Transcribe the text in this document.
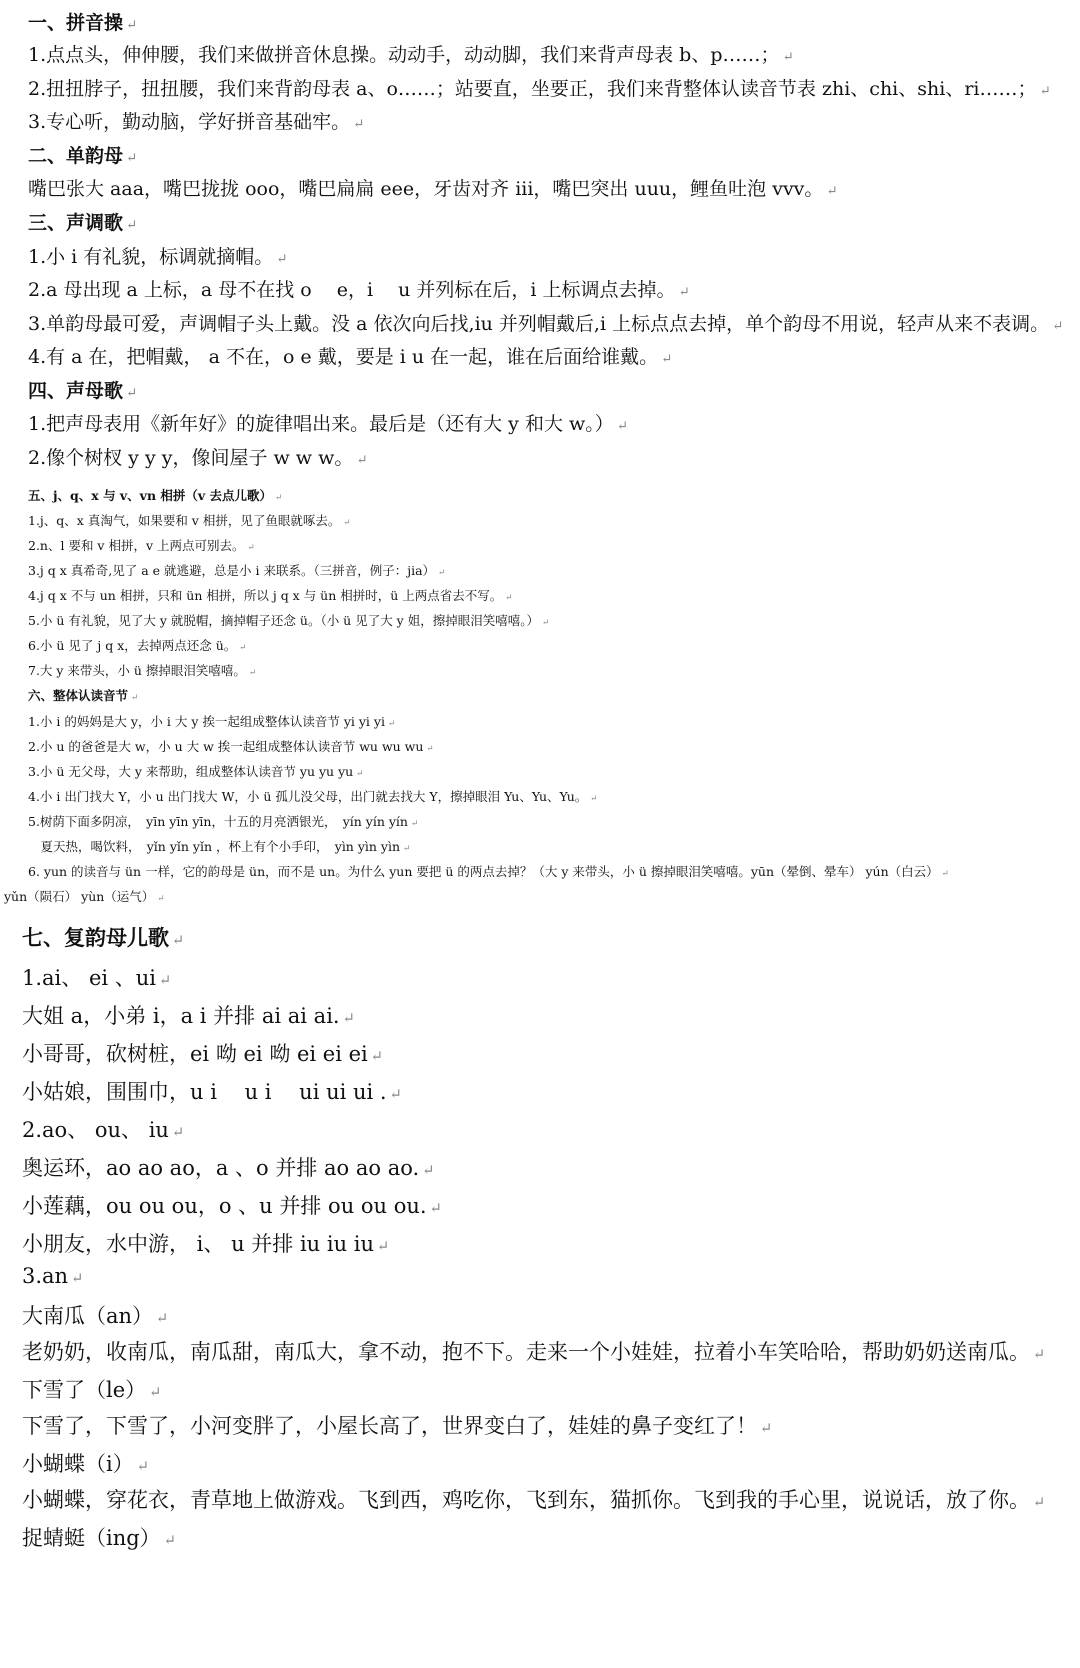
一、拼音操 ↵
1.点点头，伸伸腰，我们来做拼音休息操。动动手，动动脚，我们来背声母表 b、p……； ↵
2.扭扭脖子，扭扭腰，我们来背韵母表 a、o……；站要直，坐要正，我们来背整体认读音节表 zhi、chi、shi、ri……； ↵
3.专心听，勤动脑，学好拼音基础牢。 ↵
二、单韵母 ↵
嘴巴张大 aaa，嘴巴拢拢 ooo，嘴巴扁扁 eee，牙齿对齐 iii，嘴巴突出 uuu，鲤鱼吐泡 vvv。 ↵
三、声调歌 ↵
1.小 i 有礼貌，标调就摘帽。 ↵
2.a 母出现 a 上标，a 母不在找 o　 e，i　 u 并列标在后，i 上标调点去掉。 ↵
3.单韵母最可爱，声调帽子头上戴。没 a 依次向后找,iu 并列帽戴后,i 上标点点去掉，单个韵母不用说，轻声从来不表调。 ↵
4.有 a 在，把帽戴， a 不在，o e 戴，要是 i u 在一起，谁在后面给谁戴。 ↵
四、声母歌 ↵
1.把声母表用《新年好》的旋律唱出来。最后是（还有大 y 和大 w。） ↵
2.像个树杈 y y y，像间屋子 w w w。 ↵
五、j、q、x 与 v、vn 相拼（v 去点儿歌） ↵
1.j、q、x 真淘气，如果要和 v 相拼，见了鱼眼就啄去。 ↵
2.n、l 要和 v 相拼，v 上两点可别去。 ↵
3.j q x 真希奇,见了 a e 就逃避，总是小 i 来联系。（三拼音，例子：jia） ↵
4.j q x 不与 un 相拼，只和 ün 相拼，所以 j q x 与 ün 相拼时，ü 上两点省去不写。 ↵
5.小 ü 有礼貌，见了大 y 就脱帽，摘掉帽子还念 ü。（小 ü 见了大 y 姐，擦掉眼泪笑嘻嘻。） ↵
6.小 ü 见了 j q x，去掉两点还念 ü。 ↵
7.大 y 来带头，小 ü 擦掉眼泪笑嘻嘻。 ↵
六、整体认读音节 ↵
1.小 i 的妈妈是大 y，小 i 大 y 挨一起组成整体认读音节 yi yi yi ↵
2.小 u 的爸爸是大 w，小 u 大 w 挨一起组成整体认读音节 wu wu wu ↵
3.小 ü 无父母，大 y 来帮助，组成整体认读音节 yu yu yu ↵
4.小 i 出门找大 Y，小 u 出门找大 W，小 ü 孤儿没父母，出门就去找大 Y，擦掉眼泪 Yu、Yu、Yu。 ↵
5.树荫下面多阴凉，　yīn yīn yīn，十五的月亮洒银光，　yín yín yín ↵
　夏天热，喝饮料，　yǐn yǐn yǐn ，杯上有个小手印，　yìn yìn yìn ↵
6. yun 的读音与 ün 一样，它的韵母是 ün，而不是 un。为什么 yun 要把 ü 的两点去掉？（大 y 来带头，小 ü 擦掉眼泪笑嘻嘻。yūn（晕倒、晕车） yún（白云） ↵
yǔn（陨石） yùn（运气） ↵
七、复韵母儿歌 ↵
1.ai、 ei 、ui ↵
大姐 a，小弟 i，a i 并排 ai ai ai. ↵
小哥哥，砍树桩，ei 呦 ei 呦 ei ei ei ↵
小姑娘，围围巾，u i　 u i　 ui ui ui . ↵
2.ao、 ou、 iu ↵
奥运环，ao ao ao，a 、o 并排 ao ao ao. ↵
小莲藕，ou ou ou，o 、u 并排 ou ou ou. ↵
小朋友，水中游， i、 u 并排 iu iu iu ↵
3.an ↵
大南瓜（an） ↵
老奶奶，收南瓜，南瓜甜，南瓜大，拿不动，抱不下。走来一个小娃娃，拉着小车笑哈哈，帮助奶奶送南瓜。 ↵
下雪了（le） ↵
下雪了，下雪了，小河变胖了，小屋长高了，世界变白了，娃娃的鼻子变红了！ ↵
小蝴蝶（i） ↵
小蝴蝶，穿花衣，青草地上做游戏。飞到西，鸡吃你，飞到东，猫抓你。飞到我的手心里，说说话，放了你。 ↵
捉蜻蜓（ing） ↵
